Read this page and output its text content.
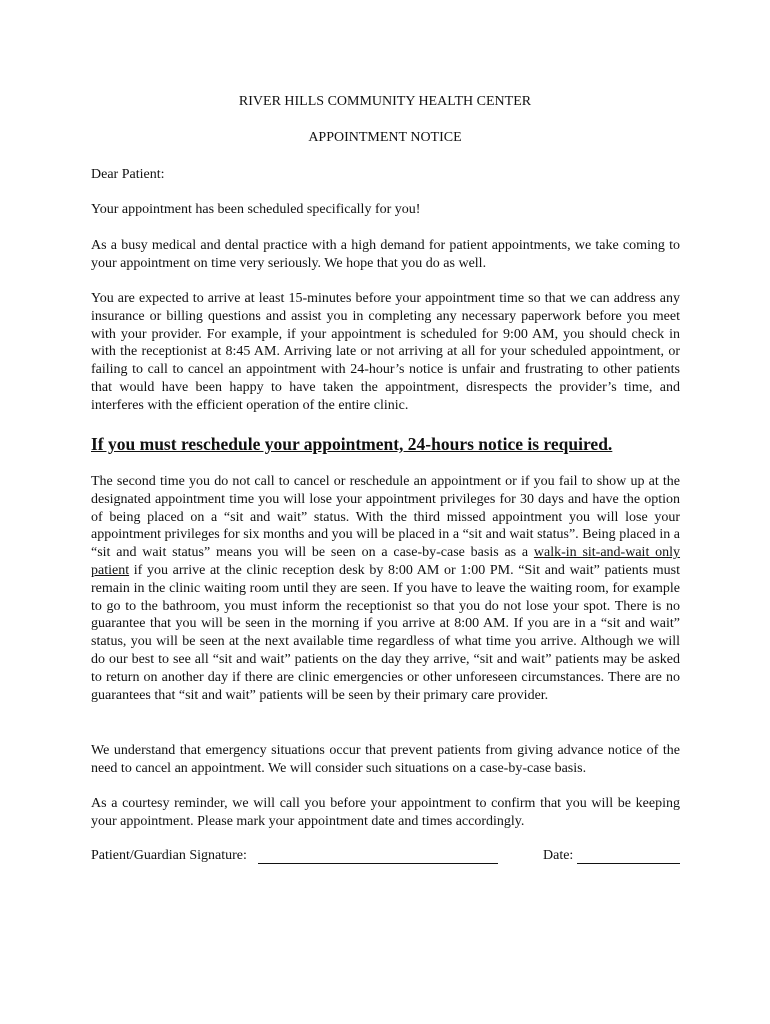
RIVER HILLS COMMUNITY HEALTH CENTER
APPOINTMENT NOTICE
Dear Patient:
Your appointment has been scheduled specifically for you!
As a busy medical and dental practice with a high demand for patient appointments, we take coming to your appointment on time very seriously. We hope that you do as well.
You are expected to arrive at least 15-minutes before your appointment time so that we can address any insurance or billing questions and assist you in completing any necessary paperwork before you meet with your provider. For example, if your appointment is scheduled for 9:00 AM, you should check in with the receptionist at 8:45 AM. Arriving late or not arriving at all for your scheduled appointment, or failing to call to cancel an appointment with 24-hour’s notice is unfair and frustrating to other patients that would have been happy to have taken the appointment, disrespects the provider’s time, and interferes with the efficient operation of the entire clinic.
If you must reschedule your appointment, 24-hours notice is required.
The second time you do not call to cancel or reschedule an appointment or if you fail to show up at the designated appointment time you will lose your appointment privileges for 30 days and have the option of being placed on a “sit and wait” status. With the third missed appointment you will lose your appointment privileges for six months and you will be placed in a “sit and wait status”. Being placed in a “sit and wait status” means you will be seen on a case-by-case basis as a walk-in sit-and-wait only patient if you arrive at the clinic reception desk by 8:00 AM or 1:00 PM. “Sit and wait” patients must remain in the clinic waiting room until they are seen. If you have to leave the waiting room, for example to go to the bathroom, you must inform the receptionist so that you do not lose your spot. There is no guarantee that you will be seen in the morning if you arrive at 8:00 AM. If you are in a “sit and wait” status, you will be seen at the next available time regardless of what time you arrive. Although we will do our best to see all “sit and wait” patients on the day they arrive, “sit and wait” patients may be asked to return on another day if there are clinic emergencies or other unforeseen circumstances. There are no guarantees that “sit and wait” patients will be seen by their primary care provider.
We understand that emergency situations occur that prevent patients from giving advance notice of the need to cancel an appointment. We will consider such situations on a case-by-case basis.
As a courtesy reminder, we will call you before your appointment to confirm that you will be keeping your appointment. Please mark your appointment date and times accordingly.
Patient/Guardian Signature:	Date:
